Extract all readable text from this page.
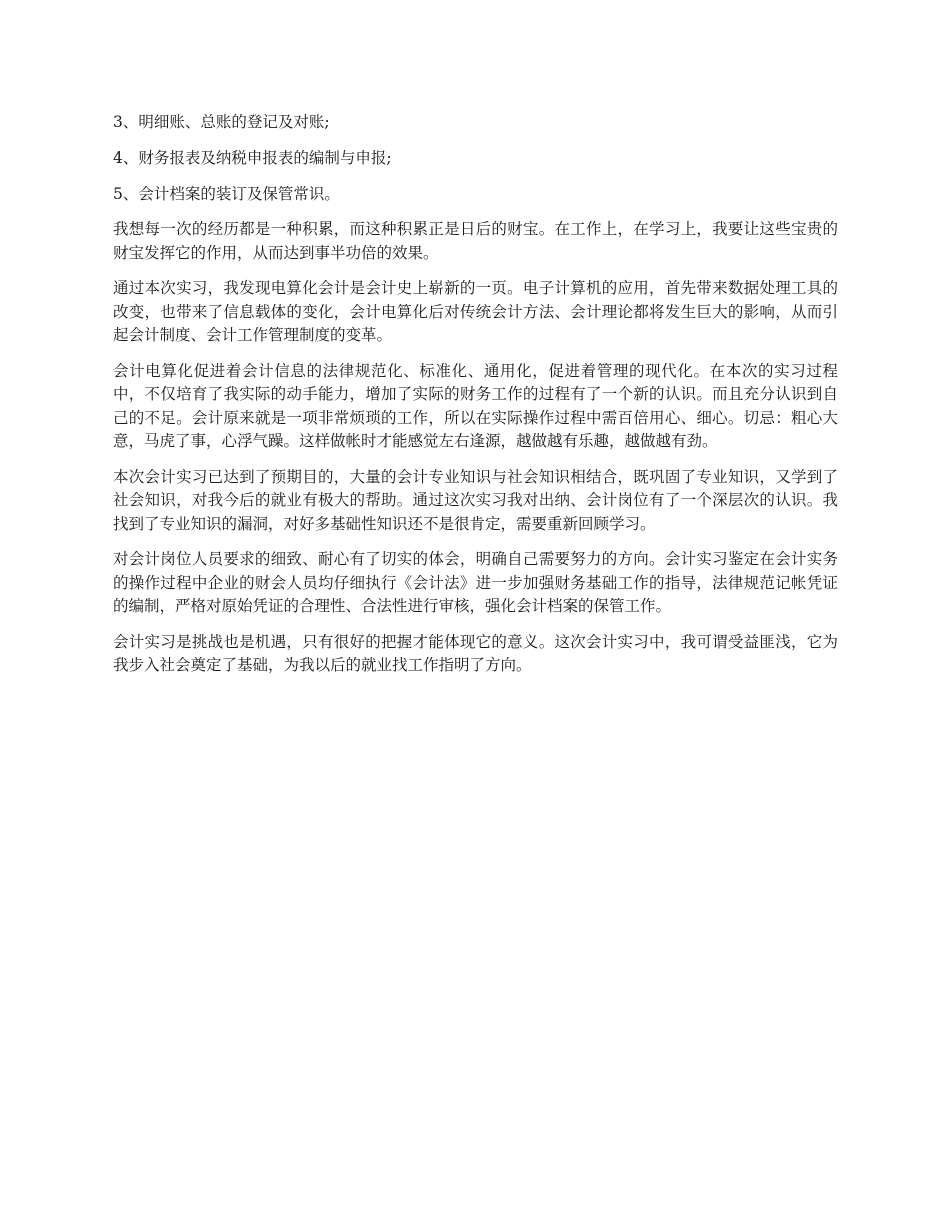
3、明细账、总账的登记及对账;
4、财务报表及纳税申报表的编制与申报;
5、会计档案的装订及保管常识。

我想每一次的经历都是一种积累，而这种积累正是日后的财宝。在工作上，在学习上，我要让这些宝贵的财宝发挥它的作用，从而达到事半功倍的效果。

通过本次实习，我发现电算化会计是会计史上崭新的一页。电子计算机的应用，首先带来数据处理工具的改变，也带来了信息载体的变化，会计电算化后对传统会计方法、会计理论都将发生巨大的影响，从而引起会计制度、会计工作管理制度的变革。

会计电算化促进着会计信息的法律规范化、标准化、通用化，促进着管理的现代化。在本次的实习过程中，不仅培育了我实际的动手能力，增加了实际的财务工作的过程有了一个新的认识。而且充分认识到自己的不足。会计原来就是一项非常烦琐的工作，所以在实际操作过程中需百倍用心、细心。切忌：粗心大意，马虎了事，心浮气躁。这样做帐时才能感觉左右逢源，越做越有乐趣，越做越有劲。

本次会计实习已达到了预期目的，大量的会计专业知识与社会知识相结合，既巩固了专业知识，又学到了社会知识，对我今后的就业有极大的帮助。通过这次实习我对出纳、会计岗位有了一个深层次的认识。我找到了专业知识的漏洞，对好多基础性知识还不是很肯定，需要重新回顾学习。

对会计岗位人员要求的细致、耐心有了切实的体会，明确自己需要努力的方向。会计实习鉴定在会计实务的操作过程中企业的财会人员均仔细执行《会计法》进一步加强财务基础工作的指导，法律规范记帐凭证的编制，严格对原始凭证的合理性、合法性进行审核，强化会计档案的保管工作。

会计实习是挑战也是机遇，只有很好的把握才能体现它的意义。这次会计实习中，我可谓受益匪浅，它为我步入社会奠定了基础，为我以后的就业找工作指明了方向。
